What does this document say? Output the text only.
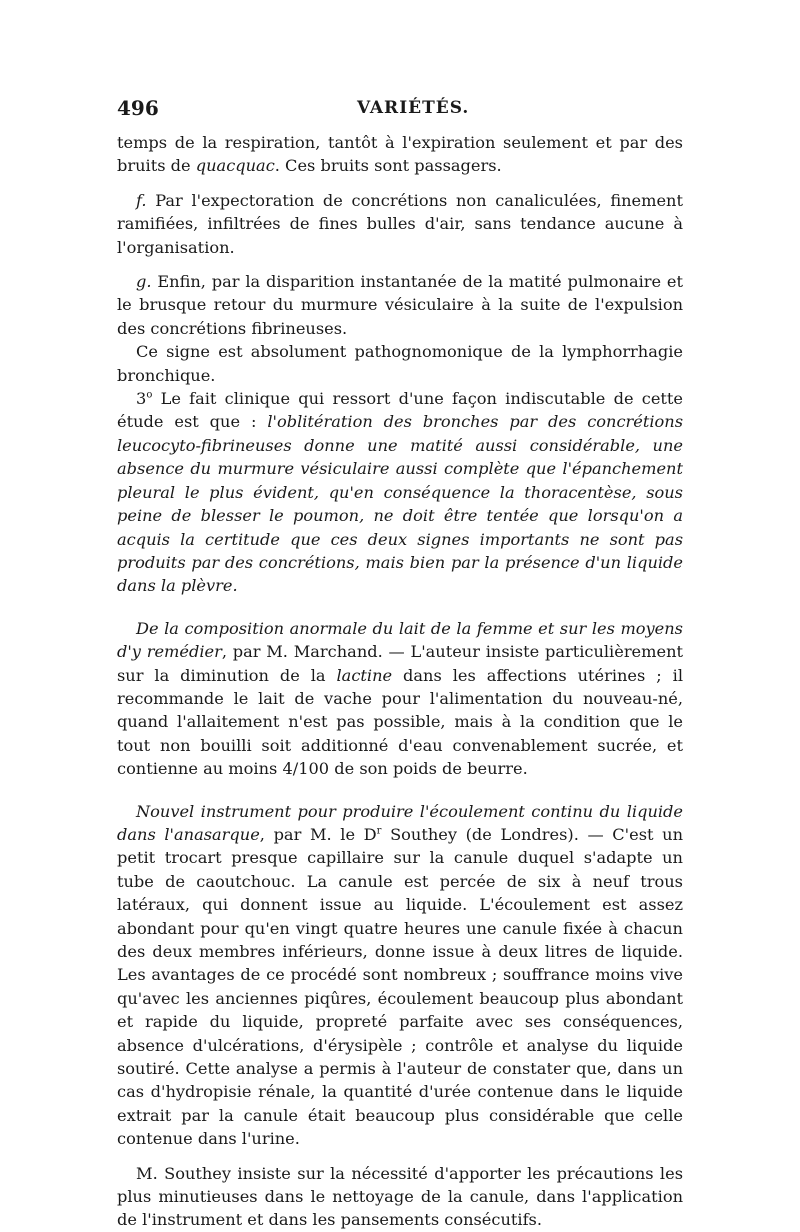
496	VARIÉTÉS.

temps de la respiration, tantôt à l'expiration seulement et par des bruits de quacquac. Ces bruits sont passagers.

f. Par l'expectoration de concrétions non canaliculées, finement ramifiées, infiltrées de fines bulles d'air, sans tendance aucune à l'organisation.

g. Enfin, par la disparition instantanée de la matité pulmonaire et le brusque retour du murmure vésiculaire à la suite de l'expulsion des concrétions fibrineuses.

Ce signe est absolument pathognomonique de la lymphorrhagie bronchique.

3$^o$ Le fait clinique qui ressort d'une façon indiscutable de cette étude est que : l'oblitération des bronches par des concrétions leucocyto-fibrineuses donne une matité aussi considérable, une absence du murmure vésiculaire aussi complète que l'épanchement pleural le plus évident, qu'en conséquence la thoracentèse, sous peine de blesser le poumon, ne doit être tentée que lorsqu'on a acquis la certitude que ces deux signes importants ne sont pas produits par des concrétions, mais bien par la présence d'un liquide dans la plèvre.

De la composition anormale du lait de la femme et sur les moyens d'y remédier, par M. Marchand. — L'auteur insiste particulièrement sur la diminution de la lactine dans les affections utérines ; il recommande le lait de vache pour l'alimentation du nouveau-né, quand l'allaitement n'est pas possible, mais à la condition que le tout non bouilli soit additionné d'eau convenablement sucrée, et contienne au moins 4/100 de son poids de beurre.

Nouvel instrument pour produire l'écoulement continu du liquide dans l'anasarque, par M. le $D^r$ Southey (de Londres). — C'est un petit trocart presque capillaire sur la canule duquel s'adapte un tube de caoutchouc. La canule est percée de six à neuf trous latéraux, qui donnent issue au liquide. L'écoulement est assez abondant pour qu'en vingt quatre heures une canule fixée à chacun des deux membres inférieurs, donne issue à deux litres de liquide. Les avantages de ce procédé sont nombreux ; souffrance moins vive qu'avec les anciennes piqûres, écoulement beaucoup plus abondant et rapide du liquide, propreté parfaite avec ses conséquences, absence d'ulcérations, d'érysipèle ; contrôle et analyse du liquide soutiré. Cette analyse a permis à l'auteur de constater que, dans un cas d'hydropisie rénale, la quantité d'urée contenue dans le liquide extrait par la canule était beaucoup plus considérable que celle contenue dans l'urine.

M. Southey insiste sur la nécessité d'apporter les précautions les plus minutieuses dans le nettoyage de la canule, dans l'application de l'instrument et dans les pansements consécutifs.
